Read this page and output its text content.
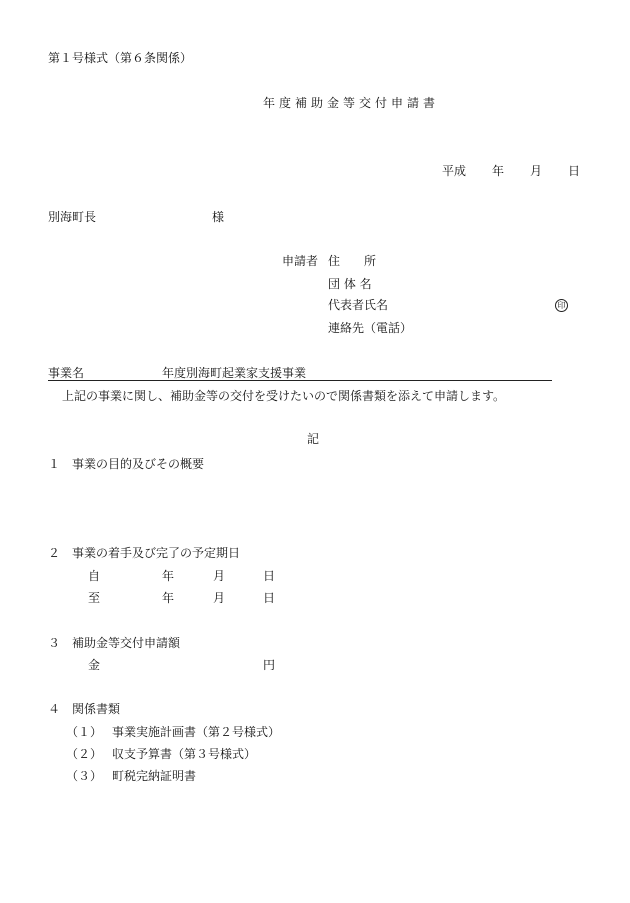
第１号様式（第６条関係）
年度補助金等交付申請書
平成 年 月 日
別海町長	様
申請者 住　　所
団 体 名
代表者氏名	印
連絡先（電話）
事業名	年度別海町起業家支援事業
上記の事業に関し、補助金等の交付を受けたいので関係書類を添えて申請します。
記
１ 事業の目的及びその概要
２ 事業の着手及び完了の予定期日
自	年	月	日
至	年	月	日
３ 補助金等交付申請額
金	円
４ 関係書類
（１） 事業実施計画書（第２号様式）
（２） 収支予算書（第３号様式）
（３） 町税完納証明書
